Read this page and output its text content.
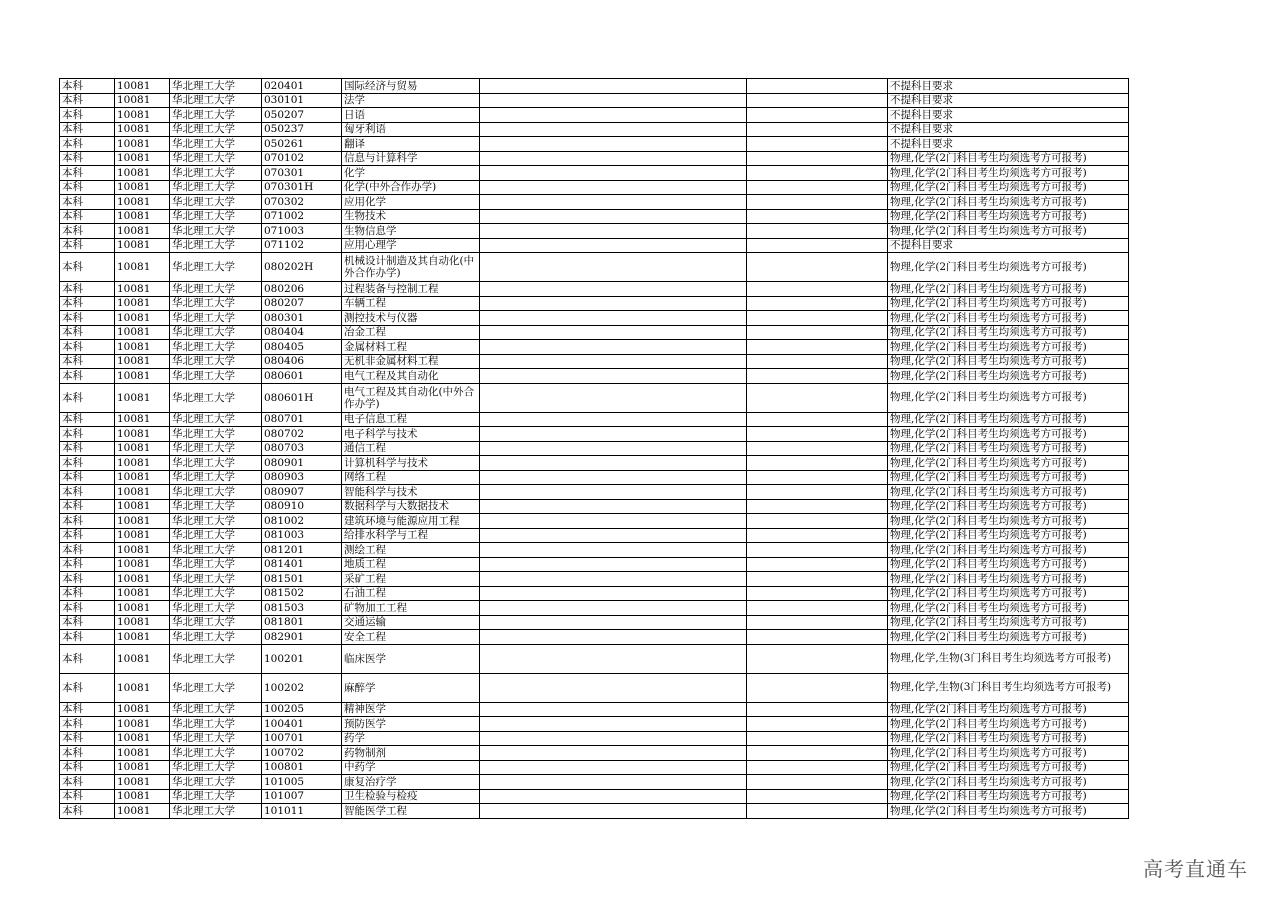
本科	10081	华北理工大学	020401	国际经济与贸易			不提科目要求
本科	10081	华北理工大学	030101	法学			不提科目要求
本科	10081	华北理工大学	050207	日语			不提科目要求
本科	10081	华北理工大学	050237	匈牙利语			不提科目要求
本科	10081	华北理工大学	050261	翻译			不提科目要求
本科	10081	华北理工大学	070102	信息与计算科学			物理,化学(2门科目考生均须选考方可报考)
本科	10081	华北理工大学	070301	化学			物理,化学(2门科目考生均须选考方可报考)
本科	10081	华北理工大学	070301H	化学(中外合作办学)			物理,化学(2门科目考生均须选考方可报考)
本科	10081	华北理工大学	070302	应用化学			物理,化学(2门科目考生均须选考方可报考)
本科	10081	华北理工大学	071002	生物技术			物理,化学(2门科目考生均须选考方可报考)
本科	10081	华北理工大学	071003	生物信息学			物理,化学(2门科目考生均须选考方可报考)
本科	10081	华北理工大学	071102	应用心理学			不提科目要求
本科	10081	华北理工大学	080202H	机械设计制造及其自动化(中外合作办学)			物理,化学(2门科目考生均须选考方可报考)
本科	10081	华北理工大学	080206	过程装备与控制工程			物理,化学(2门科目考生均须选考方可报考)
本科	10081	华北理工大学	080207	车辆工程			物理,化学(2门科目考生均须选考方可报考)
本科	10081	华北理工大学	080301	测控技术与仪器			物理,化学(2门科目考生均须选考方可报考)
本科	10081	华北理工大学	080404	冶金工程			物理,化学(2门科目考生均须选考方可报考)
本科	10081	华北理工大学	080405	金属材料工程			物理,化学(2门科目考生均须选考方可报考)
本科	10081	华北理工大学	080406	无机非金属材料工程			物理,化学(2门科目考生均须选考方可报考)
本科	10081	华北理工大学	080601	电气工程及其自动化			物理,化学(2门科目考生均须选考方可报考)
本科	10081	华北理工大学	080601H	电气工程及其自动化(中外合作办学)			物理,化学(2门科目考生均须选考方可报考)
本科	10081	华北理工大学	080701	电子信息工程			物理,化学(2门科目考生均须选考方可报考)
本科	10081	华北理工大学	080702	电子科学与技术			物理,化学(2门科目考生均须选考方可报考)
本科	10081	华北理工大学	080703	通信工程			物理,化学(2门科目考生均须选考方可报考)
本科	10081	华北理工大学	080901	计算机科学与技术			物理,化学(2门科目考生均须选考方可报考)
本科	10081	华北理工大学	080903	网络工程			物理,化学(2门科目考生均须选考方可报考)
本科	10081	华北理工大学	080907	智能科学与技术			物理,化学(2门科目考生均须选考方可报考)
本科	10081	华北理工大学	080910	数据科学与大数据技术			物理,化学(2门科目考生均须选考方可报考)
本科	10081	华北理工大学	081002	建筑环境与能源应用工程			物理,化学(2门科目考生均须选考方可报考)
本科	10081	华北理工大学	081003	给排水科学与工程			物理,化学(2门科目考生均须选考方可报考)
本科	10081	华北理工大学	081201	测绘工程			物理,化学(2门科目考生均须选考方可报考)
本科	10081	华北理工大学	081401	地质工程			物理,化学(2门科目考生均须选考方可报考)
本科	10081	华北理工大学	081501	采矿工程			物理,化学(2门科目考生均须选考方可报考)
本科	10081	华北理工大学	081502	石油工程			物理,化学(2门科目考生均须选考方可报考)
本科	10081	华北理工大学	081503	矿物加工工程			物理,化学(2门科目考生均须选考方可报考)
本科	10081	华北理工大学	081801	交通运输			物理,化学(2门科目考生均须选考方可报考)
本科	10081	华北理工大学	082901	安全工程			物理,化学(2门科目考生均须选考方可报考)
本科	10081	华北理工大学	100201	临床医学			物理,化学,生物(3门科目考生均须选考方可报考)
本科	10081	华北理工大学	100202	麻醉学			物理,化学,生物(3门科目考生均须选考方可报考)
本科	10081	华北理工大学	100205	精神医学			物理,化学(2门科目考生均须选考方可报考)
本科	10081	华北理工大学	100401	预防医学			物理,化学(2门科目考生均须选考方可报考)
本科	10081	华北理工大学	100701	药学			物理,化学(2门科目考生均须选考方可报考)
本科	10081	华北理工大学	100702	药物制剂			物理,化学(2门科目考生均须选考方可报考)
本科	10081	华北理工大学	100801	中药学			物理,化学(2门科目考生均须选考方可报考)
本科	10081	华北理工大学	101005	康复治疗学			物理,化学(2门科目考生均须选考方可报考)
本科	10081	华北理工大学	101007	卫生检验与检疫			物理,化学(2门科目考生均须选考方可报考)
本科	10081	华北理工大学	101011	智能医学工程			物理,化学(2门科目考生均须选考方可报考)
高考直通车
